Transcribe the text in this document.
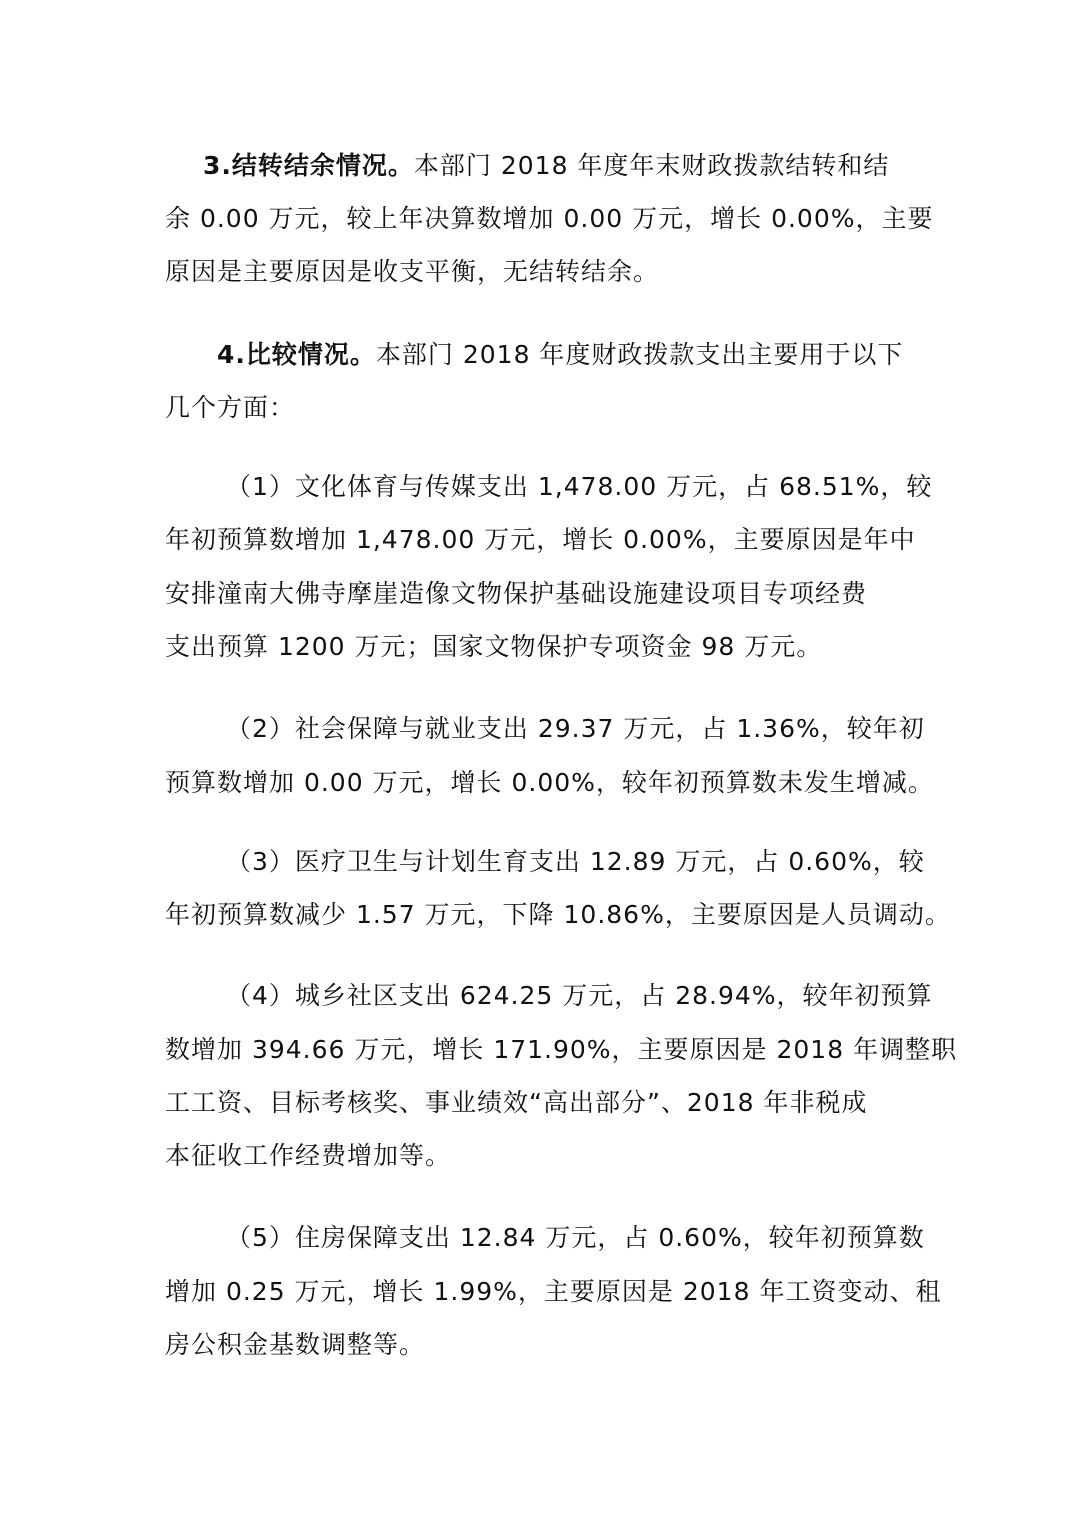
3.结转结余情况。本部门 2018 年度年末财政拨款结转和结
余 0.00 万元，较上年决算数增加 0.00 万元，增长 0.00%，主要
原因是主要原因是收支平衡，无结转结余。
4.比较情况。本部门 2018 年度财政拨款支出主要用于以下
几个方面：
（1）文化体育与传媒支出 1,478.00 万元，占 68.51%，较
年初预算数增加 1,478.00 万元，增长 0.00%，主要原因是年中
安排潼南大佛寺摩崖造像文物保护基础设施建设项目专项经费
支出预算 1200 万元；国家文物保护专项资金 98 万元。
（2）社会保障与就业支出 29.37 万元，占 1.36%，较年初
预算数增加 0.00 万元，增长 0.00%，较年初预算数未发生增减。
（3）医疗卫生与计划生育支出 12.89 万元，占 0.60%，较
年初预算数减少 1.57 万元，下降 10.86%，主要原因是人员调动。
（4）城乡社区支出 624.25 万元，占 28.94%，较年初预算
数增加 394.66 万元，增长 171.90%，主要原因是 2018 年调整职
工工资、目标考核奖、事业绩效“高出部分”、2018 年非税成
本征收工作经费增加等。
（5）住房保障支出 12.84 万元，占 0.60%，较年初预算数
增加 0.25 万元，增长 1.99%，主要原因是 2018 年工资变动、租
房公积金基数调整等。
